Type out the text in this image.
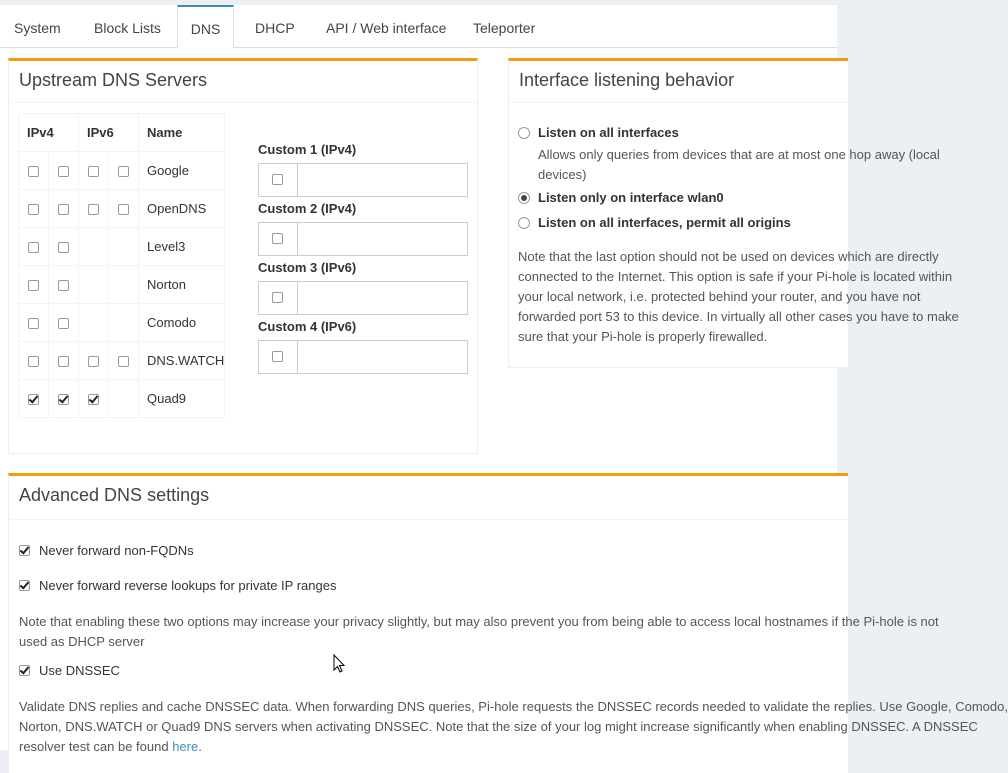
System Block Lists	DNS	DHCP API / Web interface Teleporter
Upstream DNS Servers
IPv4		IPv6		Name
				Google
				OpenDNS
				Level3
				Norton
				Comodo
				DNS.WATCH
				Quad9
Custom 1 (IPv4)
Custom 2 (IPv4)
Custom 3 (IPv6)
Custom 4 (IPv6)
Interface listening behavior
Listen on all interfaces
Allows only queries from devices that are at most one hop away (local
devices)
Listen only on interface wlan0
Listen on all interfaces, permit all origins
Note that the last option should not be used on devices which are directly
connected to the Internet. This option is safe if your Pi-hole is located within
your local network, i.e. protected behind your router, and you have not
forwarded port 53 to this device. In virtually all other cases you have to make
sure that your Pi-hole is properly firewalled.
Advanced DNS settings
Never forward non-FQDNs
Never forward reverse lookups for private IP ranges
Note that enabling these two options may increase your privacy slightly, but may also prevent you from being able to access local hostnames if the Pi-hole is not
used as DHCP server
Use DNSSEC
Validate DNS replies and cache DNSSEC data. When forwarding DNS queries, Pi-hole requests the DNSSEC records needed to validate the replies. Use Google, Comodo,
Norton, DNS.WATCH or Quad9 DNS servers when activating DNSSEC. Note that the size of your log might increase significantly when enabling DNSSEC. A DNSSEC
resolver test can be found here.
